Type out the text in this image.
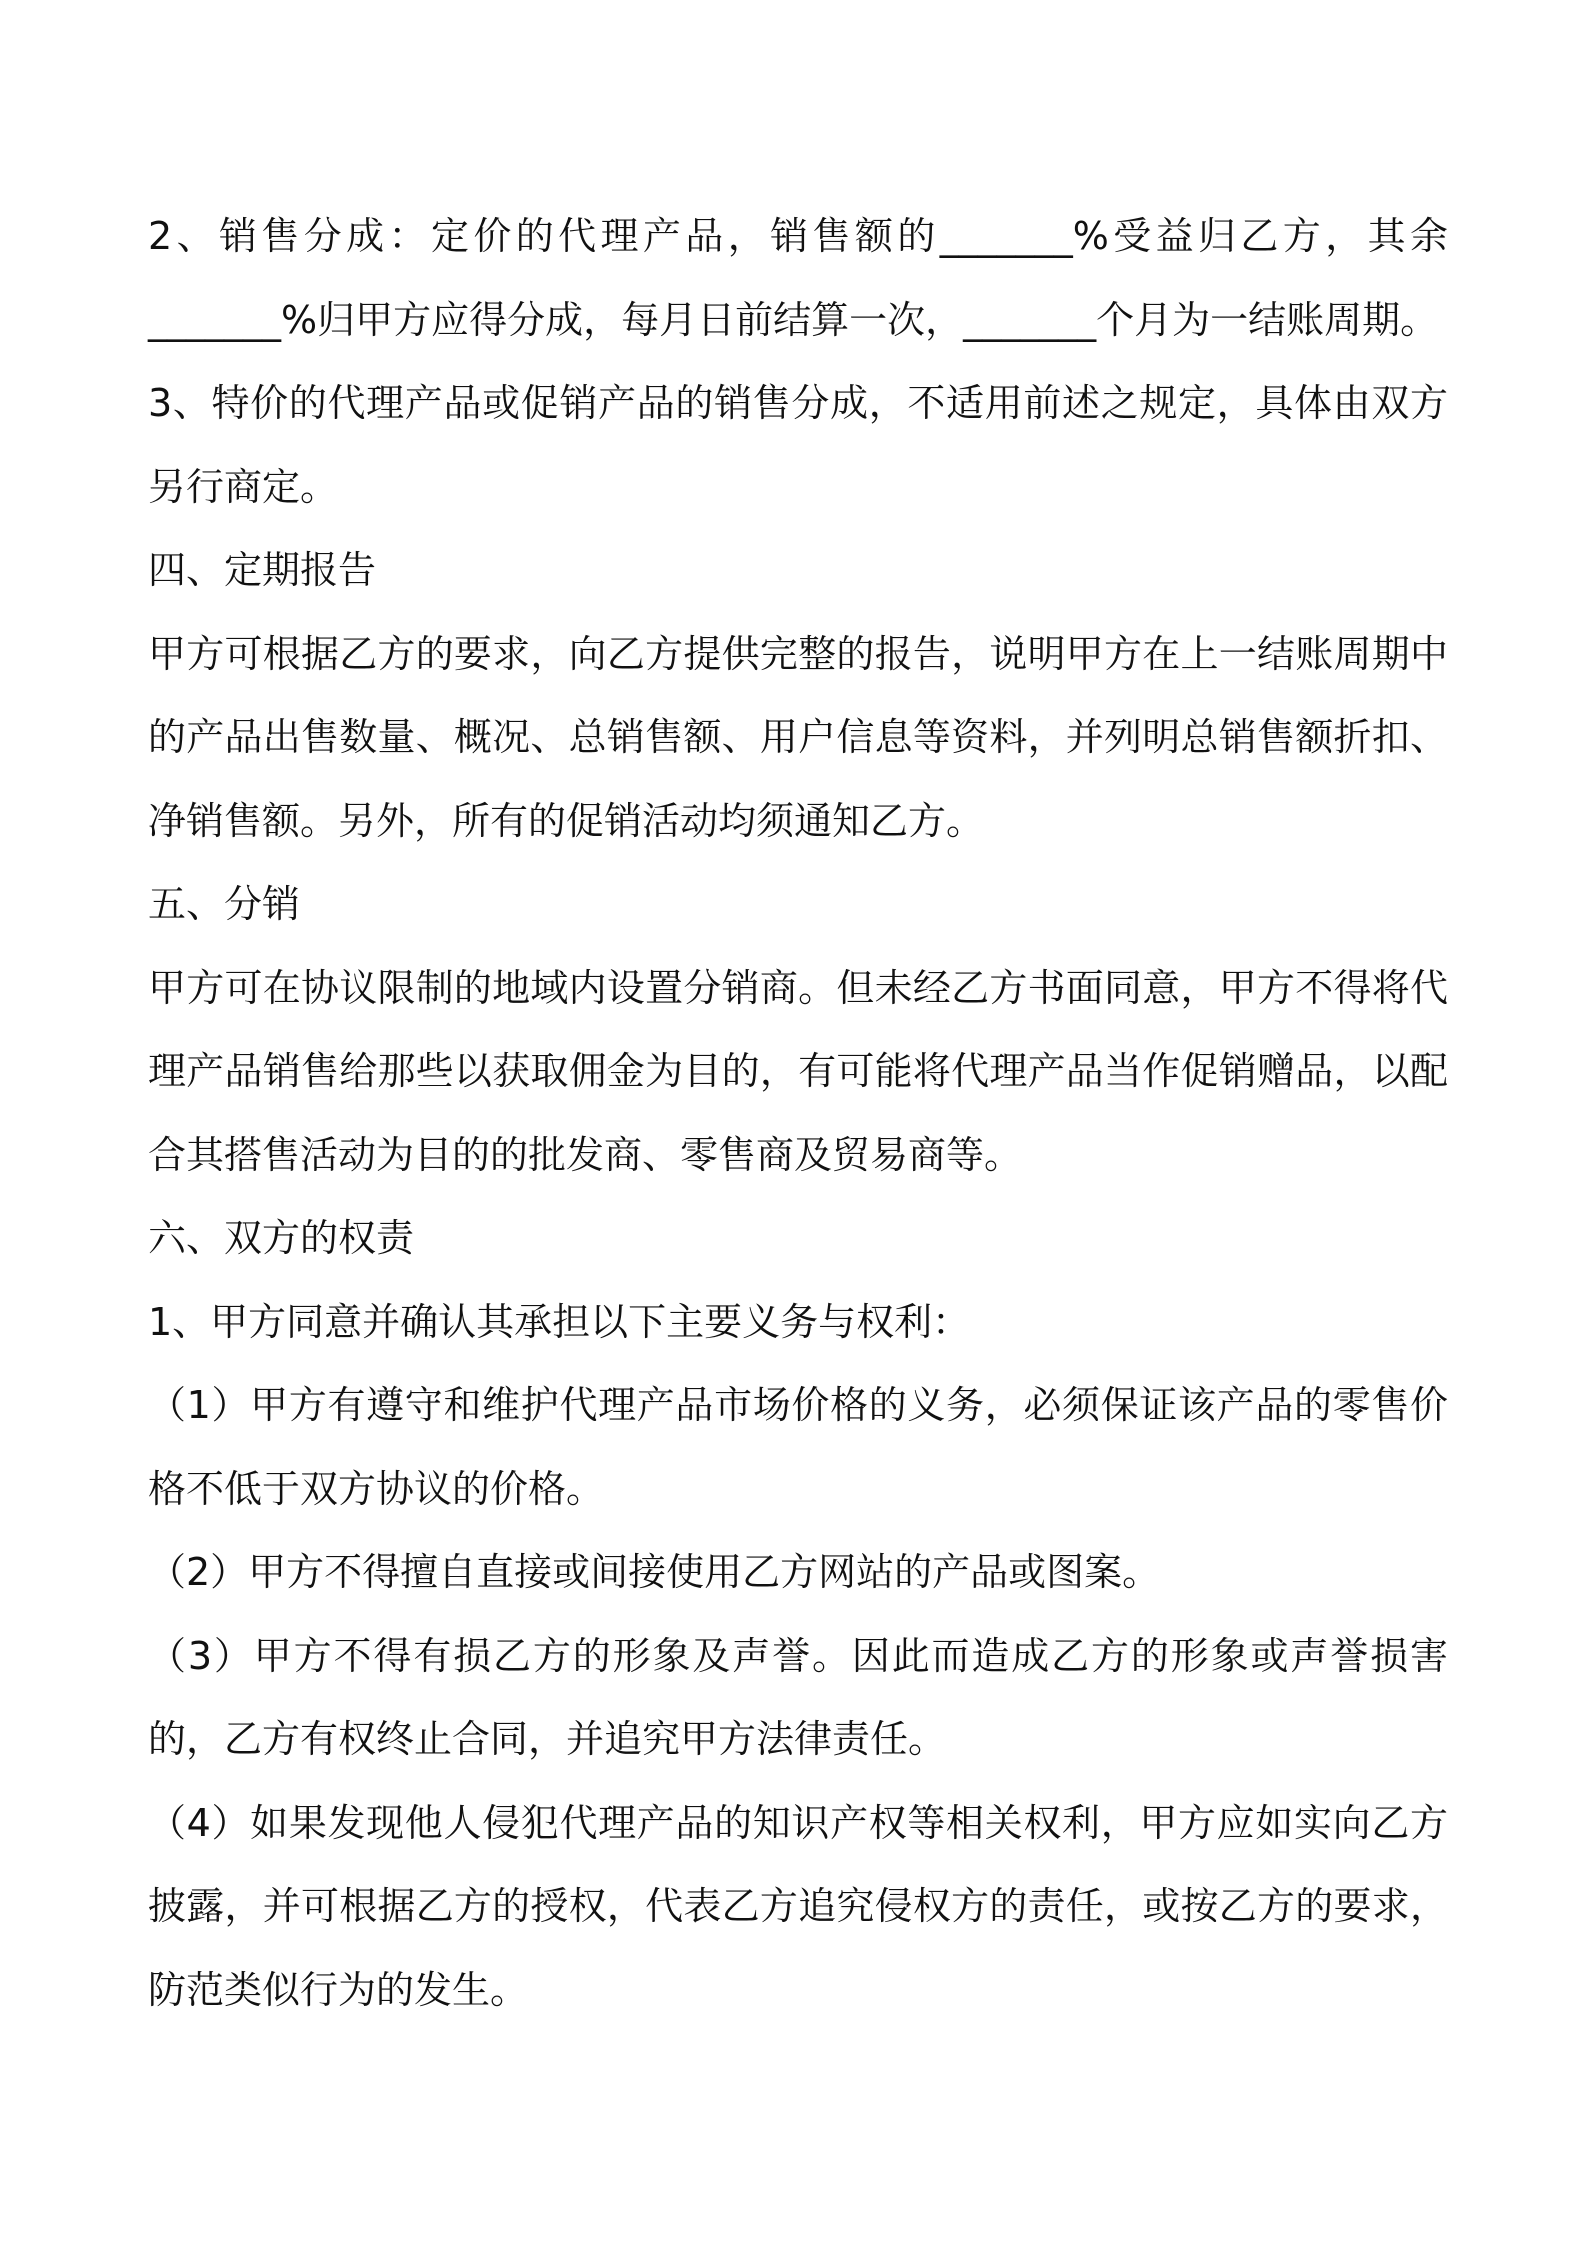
2、销售分成：定价的代理产品，销售额的_______%受益归乙方，其余_______%归甲方应得分成，每月日前结算一次，_______个月为一结账周期。

3、特价的代理产品或促销产品的销售分成，不适用前述之规定，具体由双方另行商定。

四、定期报告

甲方可根据乙方的要求，向乙方提供完整的报告，说明甲方在上一结账周期中的产品出售数量、概况、总销售额、用户信息等资料，并列明总销售额折扣、净销售额。另外，所有的促销活动均须通知乙方。

五、分销

甲方可在协议限制的地域内设置分销商。但未经乙方书面同意，甲方不得将代理产品销售给那些以获取佣金为目的，有可能将代理产品当作促销赠品，以配合其搭售活动为目的的批发商、零售商及贸易商等。

六、双方的权责

1、甲方同意并确认其承担以下主要义务与权利：

（1）甲方有遵守和维护代理产品市场价格的义务，必须保证该产品的零售价格不低于双方协议的价格。

（2）甲方不得擅自直接或间接使用乙方网站的产品或图案。

（3）甲方不得有损乙方的形象及声誉。因此而造成乙方的形象或声誉损害的，乙方有权终止合同，并追究甲方法律责任。

（4）如果发现他人侵犯代理产品的知识产权等相关权利，甲方应如实向乙方披露，并可根据乙方的授权，代表乙方追究侵权方的责任，或按乙方的要求，防范类似行为的发生。
